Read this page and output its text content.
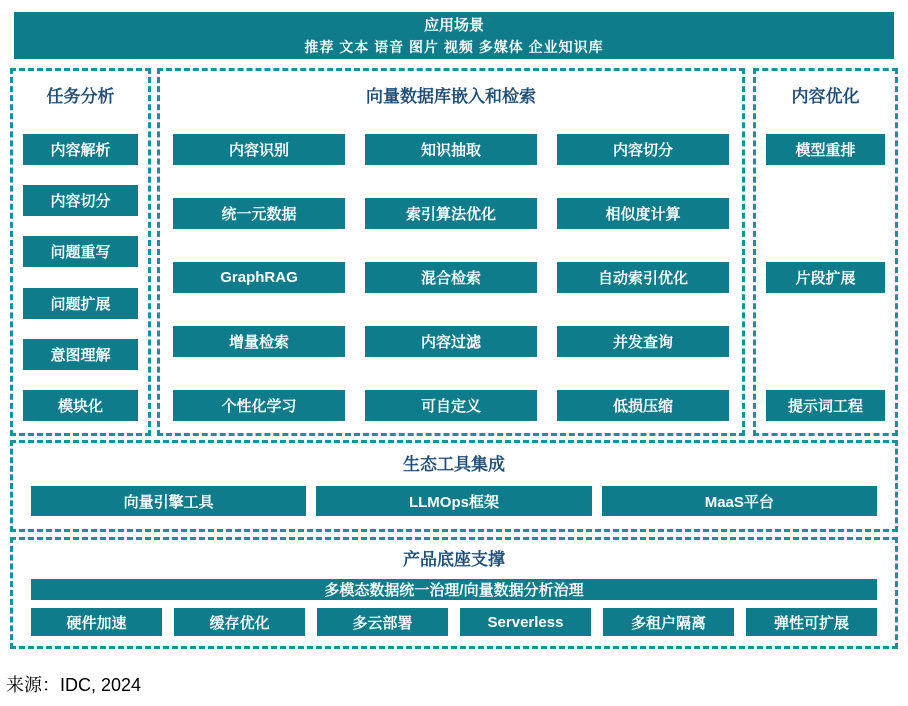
应用场景
推荐 文本 语音 图片 视频 多媒体 企业知识库
任务分析
内容解析
内容切分
问题重写
问题扩展
意图理解
模块化
向量数据库嵌入和检索
内容识别	知识抽取	内容切分
统一元数据	索引算法优化	相似度计算
GraphRAG	混合检索	自动索引优化
增量检索	内容过滤	并发查询
个性化学习	可自定义	低损压缩
内容优化
模型重排
片段扩展
提示词工程
生态工具集成
向量引擎工具	LLMOps框架	MaaS平台
产品底座支撑
多模态数据统一治理/向量数据分析治理
硬件加速	缓存优化	多云部署	Serverless	多租户隔离	弹性可扩展
来源：IDC, 2024
